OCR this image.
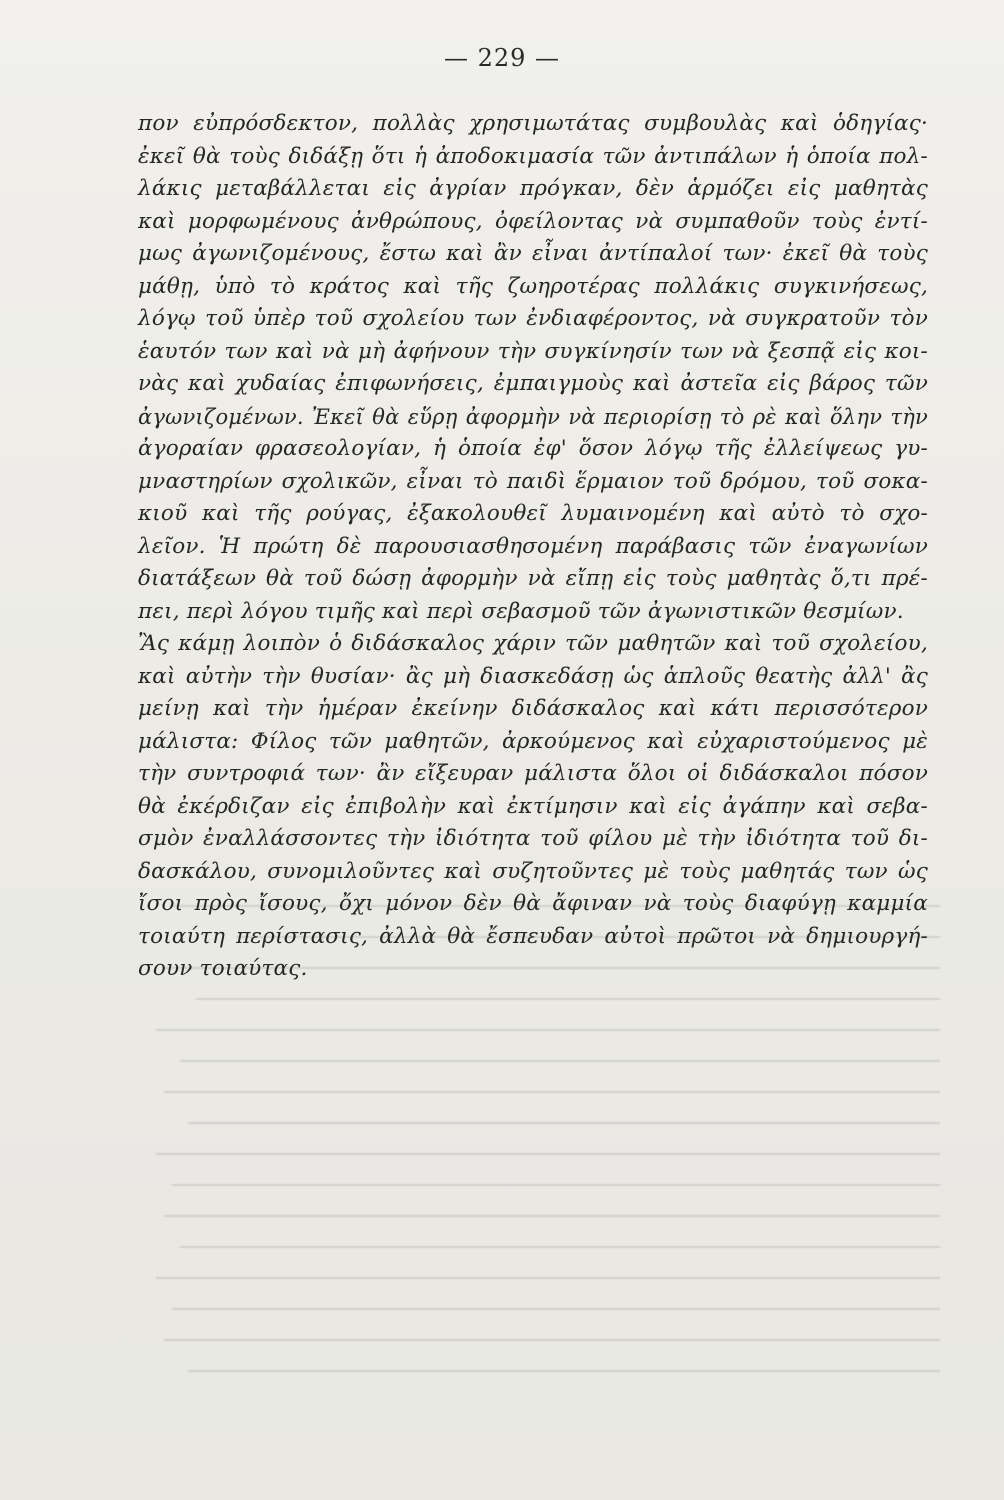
— 229 —
πον εὐπρόσδεκτον, πολλὰς χρησιμωτάτας συμβουλὰς καὶ ὁδηγίας·
ἐκεῖ θὰ τοὺς διδάξῃ ὅτι ἡ ἀποδοκιμασία τῶν ἀντιπάλων ἡ ὁποία πολ-
λάκις μεταβάλλεται εἰς ἀγρίαν πρόγκαν, δὲν ἁρμόζει εἰς μαθητὰς
καὶ μορφωμένους ἀνθρώπους, ὀφείλοντας νὰ συμπαθοῦν τοὺς ἐντί-
μως ἀγωνιζομένους, ἔστω καὶ ἂν εἶναι ἀντίπαλοί των· ἐκεῖ θὰ τοὺς
μάθῃ, ὑπὸ τὸ κράτος καὶ τῆς ζωηροτέρας πολλάκις συγκινήσεως,
λόγῳ τοῦ ὑπὲρ τοῦ σχολείου των ἐνδιαφέροντος, νὰ συγκρατοῦν τὸν
ἑαυτόν των καὶ νὰ μὴ ἀφήνουν τὴν συγκίνησίν των νὰ ξεσπᾷ εἰς κοι-
νὰς καὶ χυδαίας ἐπιφωνήσεις, ἐμπαιγμοὺς καὶ ἀστεῖα εἰς βάρος τῶν
ἀγωνιζομένων. Ἐκεῖ θὰ εὕρῃ ἀφορμὴν νὰ περιορίσῃ τὸ ρὲ καὶ ὅλην τὴν
ἀγοραίαν φρασεολογίαν, ἡ ὁποία ἐφ' ὅσον λόγῳ τῆς ἐλλείψεως γυ-
μναστηρίων σχολικῶν, εἶναι τὸ παιδὶ ἕρμαιον τοῦ δρόμου, τοῦ σοκα-
κιοῦ καὶ τῆς ρούγας, ἐξακολουθεῖ λυμαινομένη καὶ αὐτὸ τὸ σχο-
λεῖον. Ἡ πρώτη δὲ παρουσιασθησομένη παράβασις τῶν ἐναγωνίων
διατάξεων θὰ τοῦ δώσῃ ἀφορμὴν νὰ εἴπῃ εἰς τοὺς μαθητὰς ὅ,τι πρέ-
πει, περὶ λόγου τιμῆς καὶ περὶ σεβασμοῦ τῶν ἀγωνιστικῶν θεσμίων.
Ἂς κάμῃ λοιπὸν ὁ διδάσκαλος χάριν τῶν μαθητῶν καὶ τοῦ σχολείου,
καὶ αὐτὴν τὴν θυσίαν· ἂς μὴ διασκεδάσῃ ὡς ἁπλοῦς θεατὴς ἀλλ' ἂς
μείνῃ καὶ τὴν ἡμέραν ἐκείνην διδάσκαλος καὶ κάτι περισσότερον
μάλιστα: Φίλος τῶν μαθητῶν, ἀρκούμενος καὶ εὐχαριστούμενος μὲ
τὴν συντροφιά των· ἂν εἴξευραν μάλιστα ὅλοι οἱ διδάσκαλοι πόσον
θὰ ἐκέρδιζαν εἰς ἐπιβολὴν καὶ ἐκτίμησιν καὶ εἰς ἀγάπην καὶ σεβα-
σμὸν ἐναλλάσσοντες τὴν ἰδιότητα τοῦ φίλου μὲ τὴν ἰδιότητα τοῦ δι-
δασκάλου, συνομιλοῦντες καὶ συζητοῦντες μὲ τοὺς μαθητάς των ὡς
ἴσοι πρὸς ἴσους, ὄχι μόνον δὲν θὰ ἄφιναν νὰ τοὺς διαφύγῃ καμμία
τοιαύτη περίστασις, ἀλλὰ θὰ ἔσπευδαν αὐτοὶ πρῶτοι νὰ δημιουργή-
σουν τοιαύτας.
